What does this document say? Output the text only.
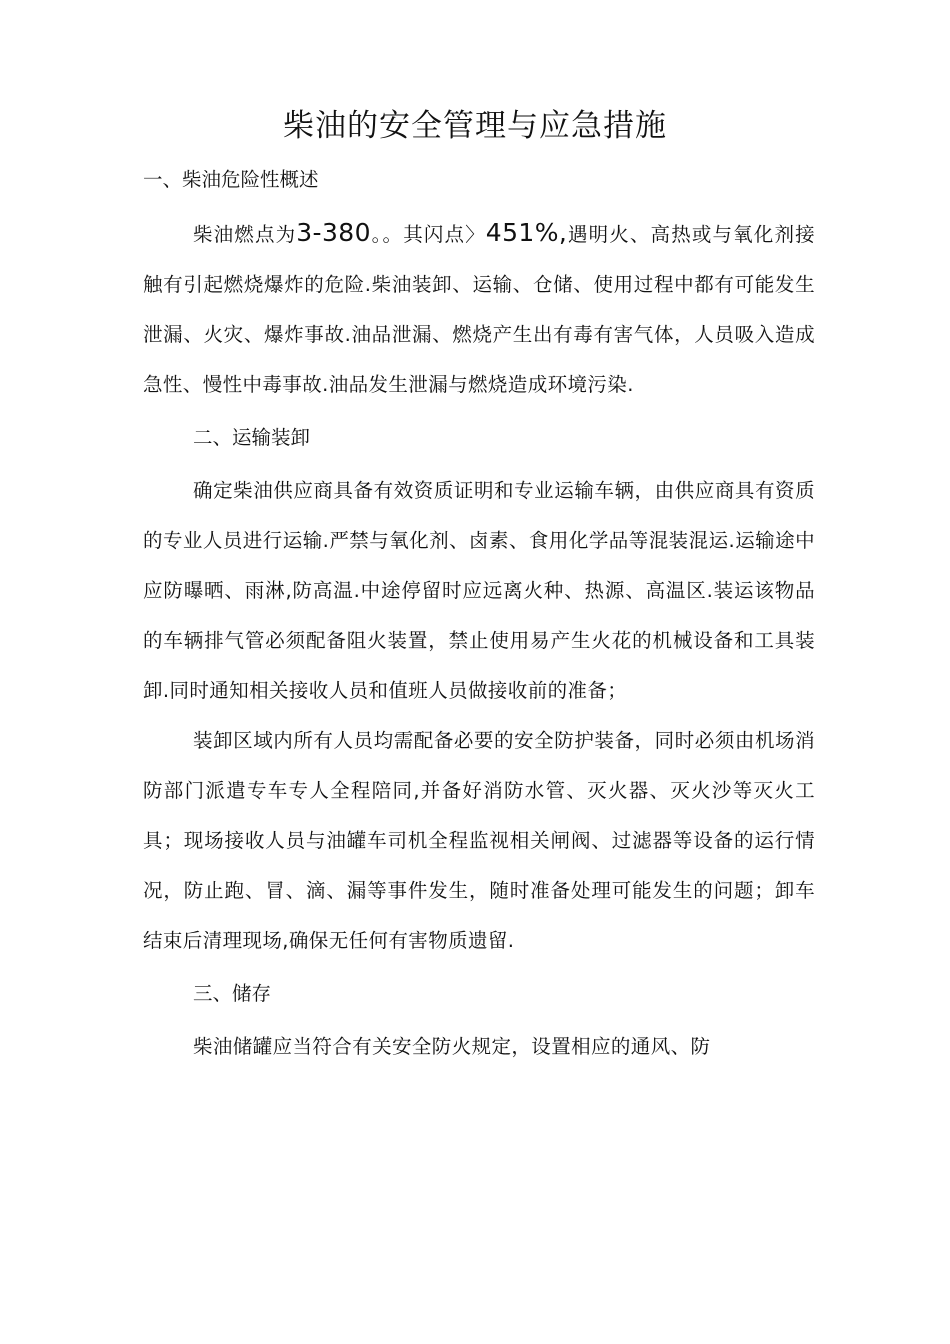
柴油的安全管理与应急措施
一、柴油危险性概述

柴油燃点为3-380。。其闪点〉451%,遇明火、高热或与氧化剂接触有引起燃烧爆炸的危险.柴油装卸、运输、仓储、使用过程中都有可能发生泄漏、火灾、爆炸事故.油品泄漏、燃烧产生出有毒有害气体，人员吸入造成急性、慢性中毒事故.油品发生泄漏与燃烧造成环境污染.

二、运输装卸

确定柴油供应商具备有效资质证明和专业运输车辆，由供应商具有资质的专业人员进行运输.严禁与氧化剂、卤素、食用化学品等混装混运.运输途中应防曝晒、雨淋,防高温.中途停留时应远离火种、热源、高温区.装运该物品的车辆排气管必须配备阻火装置，禁止使用易产生火花的机械设备和工具装卸.同时通知相关接收人员和值班人员做接收前的准备；

装卸区域内所有人员均需配备必要的安全防护装备，同时必须由机场消防部门派遣专车专人全程陪同,并备好消防水管、灭火器、灭火沙等灭火工具；现场接收人员与油罐车司机全程监视相关闸阀、过滤器等设备的运行情况，防止跑、冒、滴、漏等事件发生，随时准备处理可能发生的问题；卸车结束后清理现场,确保无任何有害物质遗留.

三、储存

柴油储罐应当符合有关安全防火规定，设置相应的通风、防
